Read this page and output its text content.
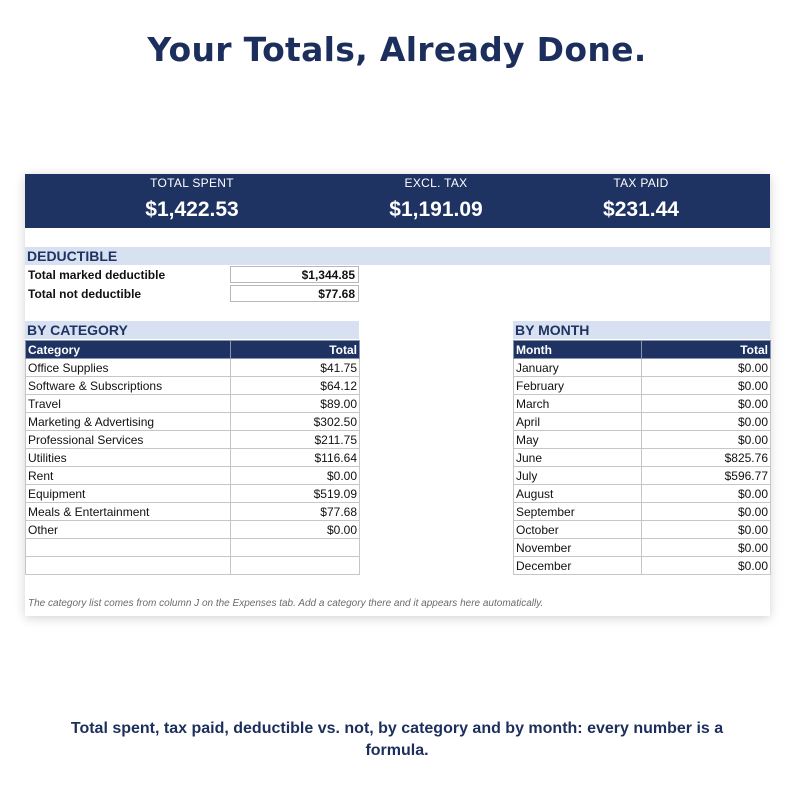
Your Totals, Already Done.
TOTAL SPENT
$1,422.53
EXCL. TAX
$1,191.09
TAX PAID
$231.44
DEDUCTIBLE
Total marked deductible	$1,344.85
Total not deductible	$77.68
BY CATEGORY
Category	Total
Office Supplies	$41.75
Software & Subscriptions	$64.12
Travel	$89.00
Marketing & Advertising	$302.50
Professional Services	$211.75
Utilities	$116.64
Rent	$0.00
Equipment	$519.09
Meals & Entertainment	$77.68
Other	$0.00

BY MONTH
Month	Total
January	$0.00
February	$0.00
March	$0.00
April	$0.00
May	$0.00
June	$825.76
July	$596.77
August	$0.00
September	$0.00
October	$0.00
November	$0.00
December	$0.00
The category list comes from column J on the Expenses tab. Add a category there and it appears here automatically.

Total spent, tax paid, deductible vs. not, by category and by month: every number is a formula.
